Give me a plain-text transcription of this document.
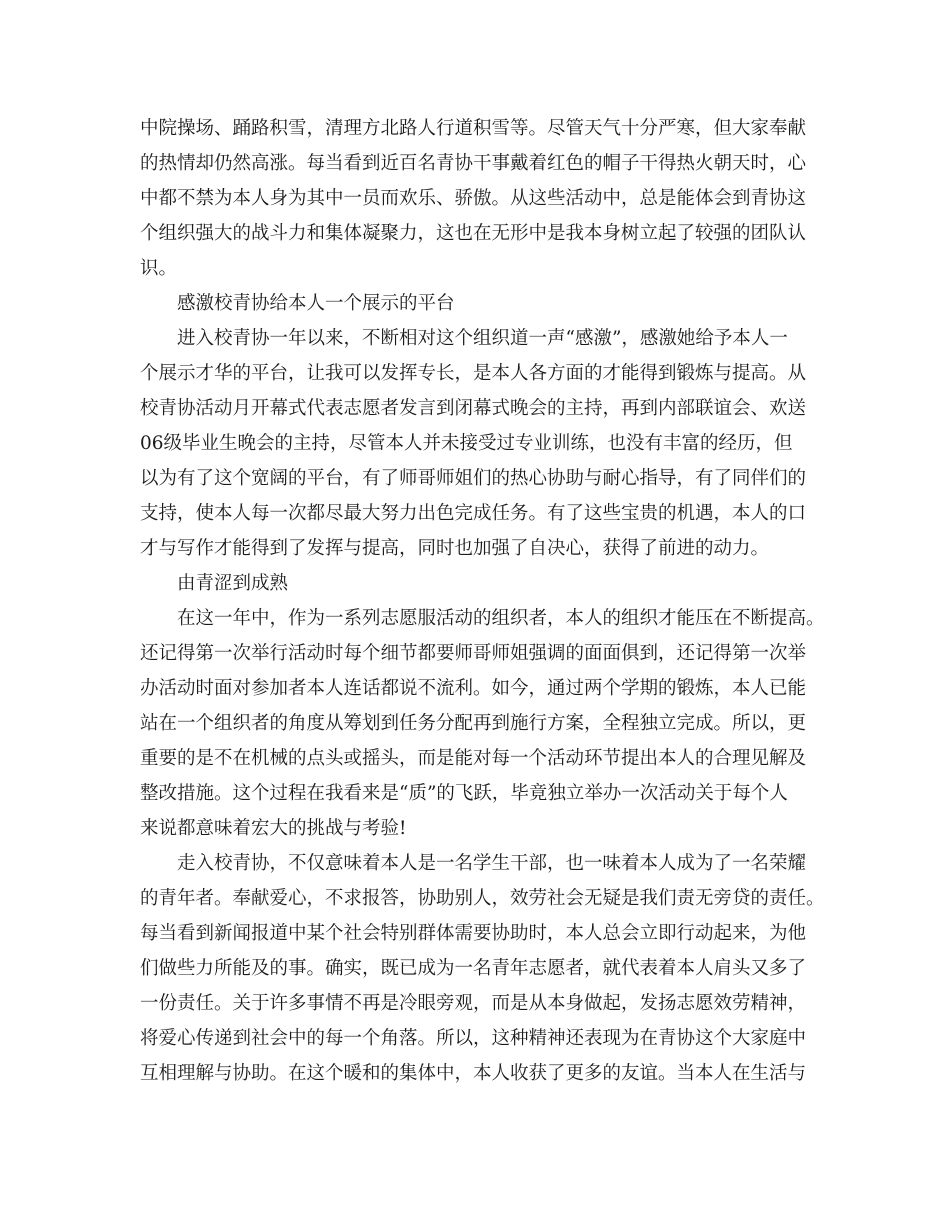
中院操场、踊路积雪，清理方北路人行道积雪等。尽管天气十分严寒，但大家奉献
的热情却仍然高涨。每当看到近百名青协干事戴着红色的帽子干得热火朝天时，心
中都不禁为本人身为其中一员而欢乐、骄傲。从这些活动中，总是能体会到青协这
个组织强大的战斗力和集体凝聚力，这也在无形中是我本身树立起了较强的团队认
识。
感激校青协给本人一个展示的平台
进入校青协一年以来，不断相对这个组织道一声“感激”，感激她给予本人一
个展示才华的平台，让我可以发挥专长，是本人各方面的才能得到锻炼与提高。从
校青协活动月开幕式代表志愿者发言到闭幕式晚会的主持，再到内部联谊会、欢送
06级毕业生晚会的主持，尽管本人并未接受过专业训练，也没有丰富的经历，但
以为有了这个宽阔的平台，有了师哥师姐们的热心协助与耐心指导，有了同伴们的
支持，使本人每一次都尽最大努力出色完成任务。有了这些宝贵的机遇，本人的口
才与写作才能得到了发挥与提高，同时也加强了自决心，获得了前进的动力。
由青涩到成熟
在这一年中，作为一系列志愿服活动的组织者，本人的组织才能压在不断提高。
还记得第一次举行活动时每个细节都要师哥师姐强调的面面俱到，还记得第一次举
办活动时面对参加者本人连话都说不流利。如今，通过两个学期的锻炼，本人已能
站在一个组织者的角度从筹划到任务分配再到施行方案，全程独立完成。所以，更
重要的是不在机械的点头或摇头，而是能对每一个活动环节提出本人的合理见解及
整改措施。这个过程在我看来是“质”的飞跃，毕竟独立举办一次活动关于每个人
来说都意味着宏大的挑战与考验!
走入校青协，不仅意味着本人是一名学生干部，也一味着本人成为了一名荣耀
的青年者。奉献爱心，不求报答，协助别人，效劳社会无疑是我们责无旁贷的责任。
每当看到新闻报道中某个社会特别群体需要协助时，本人总会立即行动起来，为他
们做些力所能及的事。确实，既已成为一名青年志愿者，就代表着本人肩头又多了
一份责任。关于许多事情不再是冷眼旁观，而是从本身做起，发扬志愿效劳精神，
将爱心传递到社会中的每一个角落。所以，这种精神还表现为在青协这个大家庭中
互相理解与协助。在这个暖和的集体中，本人收获了更多的友谊。当本人在生活与
